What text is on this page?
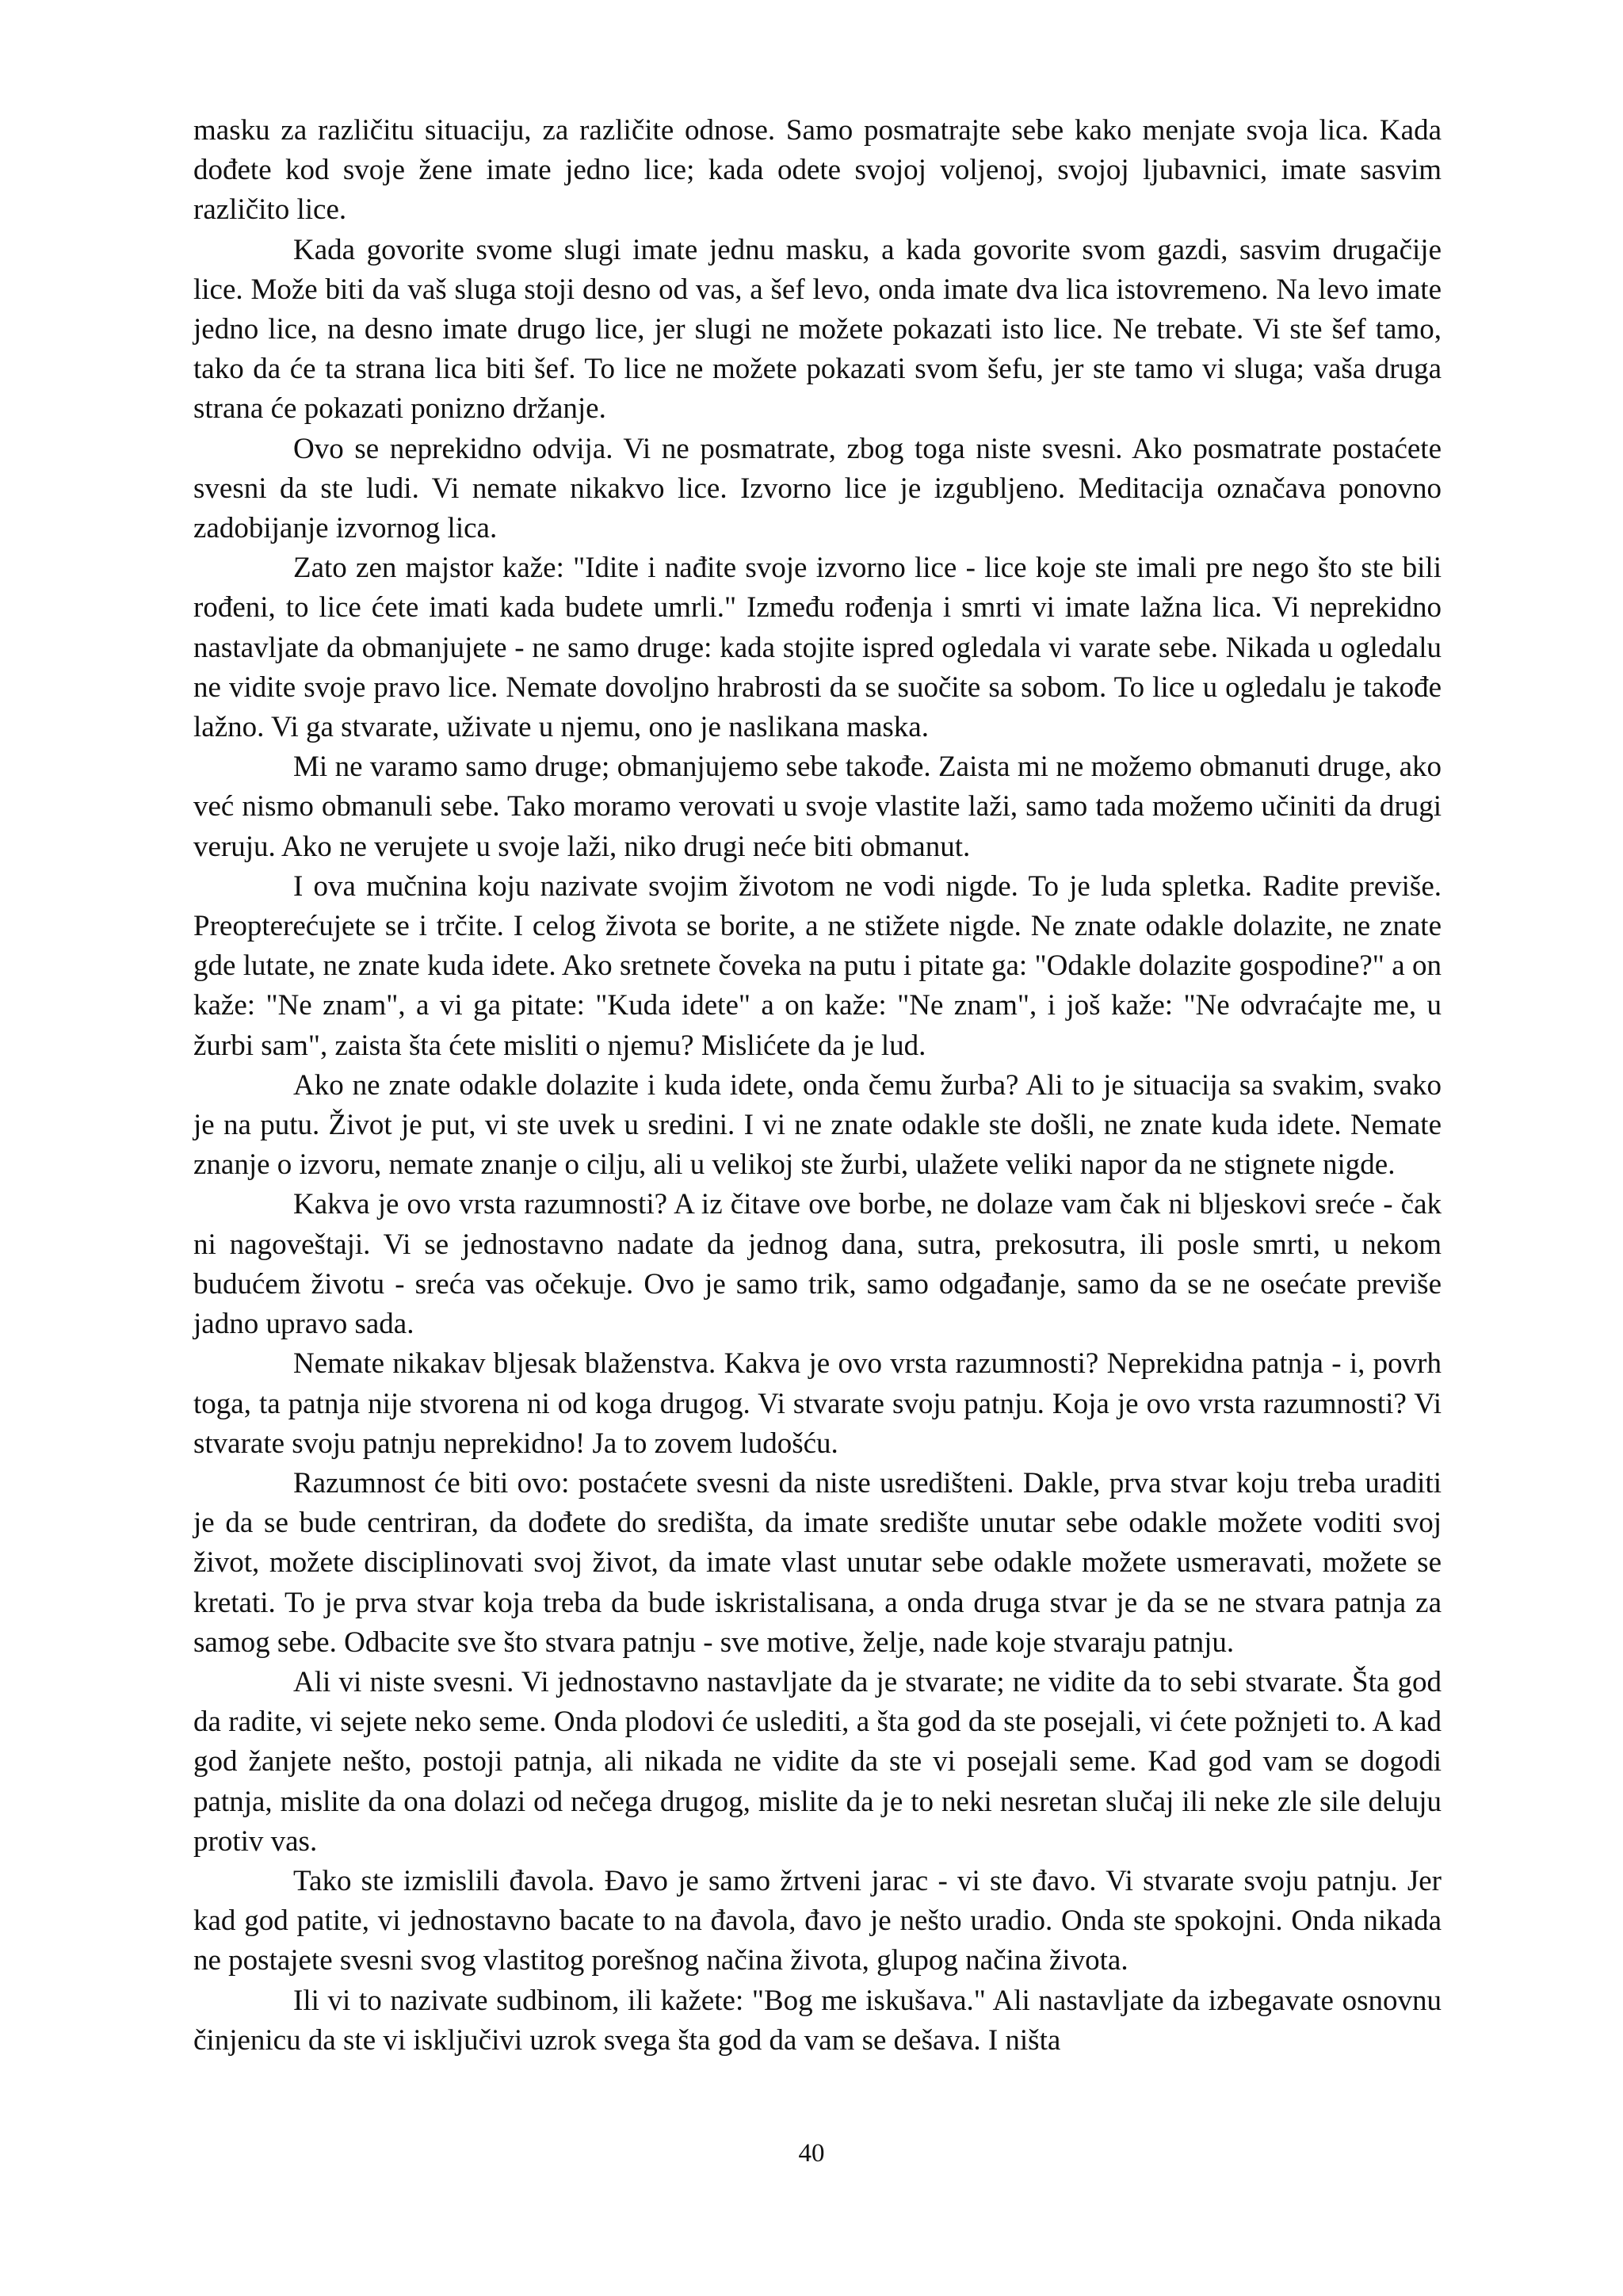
masku za različitu situaciju, za različite odnose. Samo posmatrajte sebe kako menjate svoja lica. Kada dođete kod svoje žene imate jedno lice; kada odete svojoj voljenoj, svojoj ljubavnici, imate sasvim različito lice.

Kada govorite svome slugi imate jednu masku, a kada govorite svom gazdi, sasvim drugačije lice. Može biti da vaš sluga stoji desno od vas, a šef levo, onda imate dva lica istovremeno. Na levo imate jedno lice, na desno imate drugo lice, jer slugi ne možete pokazati isto lice. Ne trebate. Vi ste šef tamo, tako da će ta strana lica biti šef. To lice ne možete pokazati svom šefu, jer ste tamo vi sluga; vaša druga strana će pokazati ponizno držanje.

Ovo se neprekidno odvija. Vi ne posmatrate, zbog toga niste svesni. Ako posmatrate postaćete svesni da ste ludi. Vi nemate nikakvo lice. Izvorno lice je izgubljeno. Meditacija označava ponovno zadobijanje izvornog lica.

Zato zen majstor kaže: "Idite i nađite svoje izvorno lice - lice koje ste imali pre nego što ste bili rođeni, to lice ćete imati kada budete umrli." Između rođenja i smrti vi imate lažna lica. Vi neprekidno nastavljate da obmanjujete - ne samo druge: kada stojite ispred ogledala vi varate sebe. Nikada u ogledalu ne vidite svoje pravo lice. Nemate dovoljno hrabrosti da se suočite sa sobom. To lice u ogledalu je takođe lažno. Vi ga stvarate, uživate u njemu, ono je naslikana maska.

Mi ne varamo samo druge; obmanjujemo sebe takođe. Zaista mi ne možemo obmanuti druge, ako već nismo obmanuli sebe. Tako moramo verovati u svoje vlastite laži, samo tada možemo učiniti da drugi veruju. Ako ne verujete u svoje laži, niko drugi neće biti obmanut.

I ova mučnina koju nazivate svojim životom ne vodi nigde. To je luda spletka. Radite previše. Preopterećujete se i trčite. I celog života se borite, a ne stižete nigde. Ne znate odakle dolazite, ne znate gde lutate, ne znate kuda idete. Ako sretnete čoveka na putu i pitate ga: "Odakle dolazite gospodine?" a on kaže: "Ne znam", a vi ga pitate: "Kuda idete" a on kaže: "Ne znam", i još kaže: "Ne odvraćajte me, u žurbi sam", zaista šta ćete misliti o njemu? Mislićete da je lud.

Ako ne znate odakle dolazite i kuda idete, onda čemu žurba? Ali to je situacija sa svakim, svako je na putu. Život je put, vi ste uvek u sredini. I vi ne znate odakle ste došli, ne znate kuda idete. Nemate znanje o izvoru, nemate znanje o cilju, ali u velikoj ste žurbi, ulažete veliki napor da ne stignete nigde.

Kakva je ovo vrsta razumnosti? A iz čitave ove borbe, ne dolaze vam čak ni bljeskovi sreće - čak ni nagoveštaji. Vi se jednostavno nadate da jednog dana, sutra, prekosutra, ili posle smrti, u nekom budućem životu - sreća vas očekuje. Ovo je samo trik, samo odgađanje, samo da se ne osećate previše jadno upravo sada.

Nemate nikakav bljesak blaženstva. Kakva je ovo vrsta razumnosti? Neprekidna patnja - i, povrh toga, ta patnja nije stvorena ni od koga drugog. Vi stvarate svoju patnju. Koja je ovo vrsta razumnosti? Vi stvarate svoju patnju neprekidno! Ja to zovem ludošću.

Razumnost će biti ovo: postaćete svesni da niste usredišteni. Dakle, prva stvar koju treba uraditi je da se bude centriran, da dođete do središta, da imate središte unutar sebe odakle možete voditi svoj život, možete disciplinovati svoj život, da imate vlast unutar sebe odakle možete usmeravati, možete se kretati. To je prva stvar koja treba da bude iskristalisana, a onda druga stvar je da se ne stvara patnja za samog sebe. Odbacite sve što stvara patnju - sve motive, želje, nade koje stvaraju patnju.

Ali vi niste svesni. Vi jednostavno nastavljate da je stvarate; ne vidite da to sebi stvarate. Šta god da radite, vi sejete neko seme. Onda plodovi će uslediti, a šta god da ste posejali, vi ćete požnjeti to. A kad god žanjete nešto, postoji patnja, ali nikada ne vidite da ste vi posejali seme. Kad god vam se dogodi patnja, mislite da ona dolazi od nečega drugog, mislite da je to neki nesretan slučaj ili neke zle sile deluju protiv vas.

Tako ste izmislili đavola. Đavo je samo žrtveni jarac - vi ste đavo. Vi stvarate svoju patnju. Jer kad god patite, vi jednostavno bacate to na đavola, đavo je nešto uradio. Onda ste spokojni. Onda nikada ne postajete svesni svog vlastitog porešnog načina života, glupog načina života.

Ili vi to nazivate sudbinom, ili kažete: "Bog me iskušava." Ali nastavljate da izbegavate osnovnu činjenicu da ste vi isključivi uzrok svega šta god da vam se dešava. I ništa

40
